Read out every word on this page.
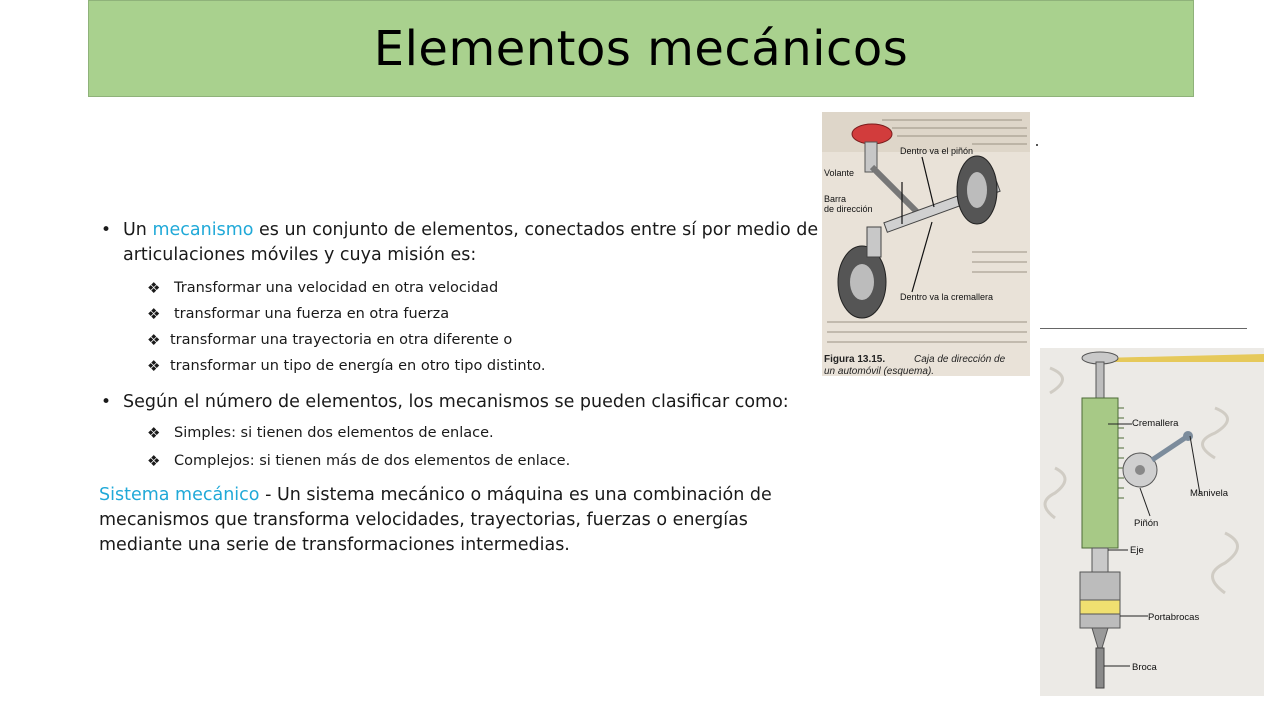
Elementos mecánicos
• Un mecanismo es un conjunto de elementos, conectados entre sí por medio de articulaciones móviles y cuya misión es:
❖ Transformar una velocidad en otra velocidad
❖ transformar una fuerza en otra fuerza
❖ transformar una trayectoria en otra diferente o
❖ transformar un tipo de energía en otro tipo distinto.
• Según el número de elementos, los mecanismos se pueden clasificar como:
❖ Simples: si tienen dos elementos de enlace.
❖ Complejos: si tienen más de dos elementos de enlace.
Sistema mecánico - Un sistema mecánico o máquina es una combinación de mecanismos que transforma velocidades, trayectorias, fuerzas o energías mediante una serie de transformaciones intermedias.
Volante
Dentro va el piñón
Barra
de dirección
Dentro va la cremallera
Figura 13.15.	Caja de dirección de
un automóvil (esquema).
Cremallera
Manivela
Piñón
Eje
Portabrocas
Broca
